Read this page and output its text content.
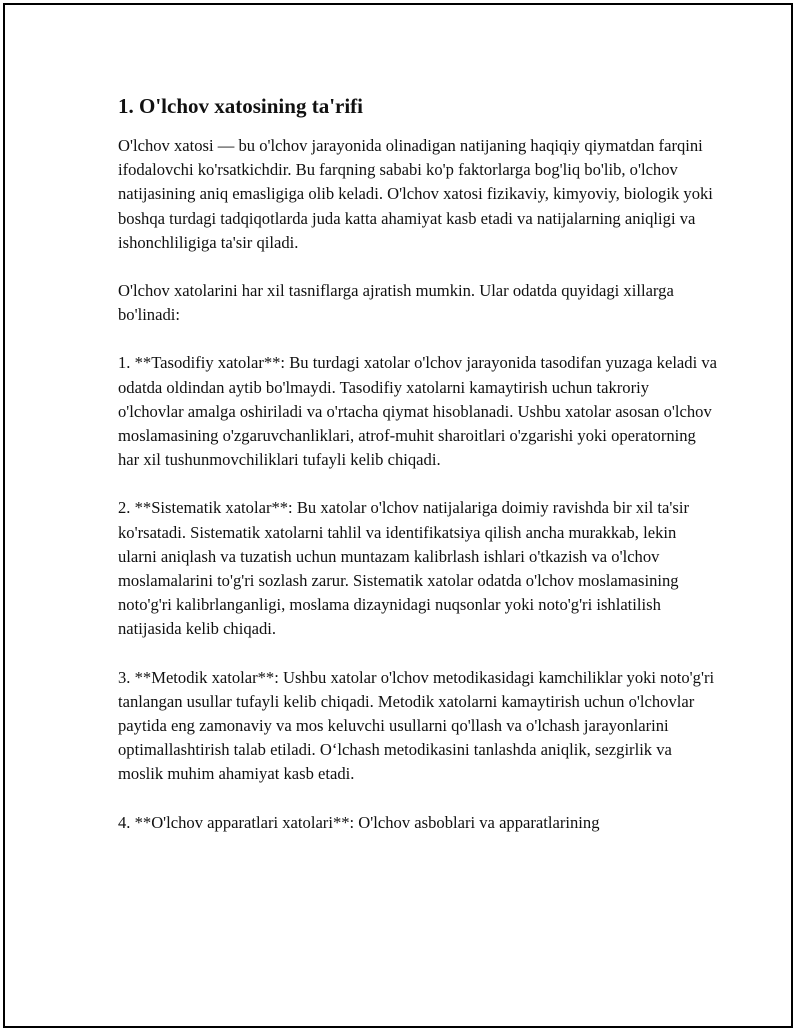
1. O'lchov xatosining ta'rifi

O'lchov xatosi — bu o'lchov jarayonida olinadigan natijaning haqiqiy qiymatdan farqini ifodalovchi ko'rsatkichdir. Bu farqning sababi ko'p faktorlarga bog'liq bo'lib, o'lchov natijasining aniq emasligiga olib keladi. O'lchov xatosi fizikaviy, kimyoviy, biologik yoki boshqa turdagi tadqiqotlarda juda katta ahamiyat kasb etadi va natijalarning aniqligi va ishonchliligiga ta'sir qiladi.

O'lchov xatolarini har xil tasniflarga ajratish mumkin. Ular odatda quyidagi xillarga bo'linadi:

1. **Tasodifiy xatolar**: Bu turdagi xatolar o'lchov jarayonida tasodifan yuzaga keladi va odatda oldindan aytib bo'lmaydi. Tasodifiy xatolarni kamaytirish uchun takroriy o'lchovlar amalga oshiriladi va o'rtacha qiymat hisoblanadi. Ushbu xatolar asosan o'lchov moslamasining o'zgaruvchanliklari, atrof-muhit sharoitlari o'zgarishi yoki operatorning har xil tushunmovchiliklari tufayli kelib chiqadi.

2. **Sistematik xatolar**: Bu xatolar o'lchov natijalariga doimiy ravishda bir xil ta'sir ko'rsatadi. Sistematik xatolarni tahlil va identifikatsiya qilish ancha murakkab, lekin ularni aniqlash va tuzatish uchun muntazam kalibrlash ishlari o'tkazish va o'lchov moslamalarini to'g'ri sozlash zarur. Sistematik xatolar odatda o'lchov moslamasining noto'g'ri kalibrlanganligi, moslama dizaynidagi nuqsonlar yoki noto'g'ri ishlatilish natijasida kelib chiqadi.

3. **Metodik xatolar**: Ushbu xatolar o'lchov metodikasidagi kamchiliklar yoki noto'g'ri tanlangan usullar tufayli kelib chiqadi. Metodik xatolarni kamaytirish uchun o'lchovlar paytida eng zamonaviy va mos keluvchi usullarni qo'llash va o'lchash jarayonlarini optimallashtirish talab etiladi. O‘lchash metodikasini tanlashda aniqlik, sezgirlik va moslik muhim ahamiyat kasb etadi.

4. **O'lchov apparatlari xatolari**: O'lchov asboblari va apparatlarining
